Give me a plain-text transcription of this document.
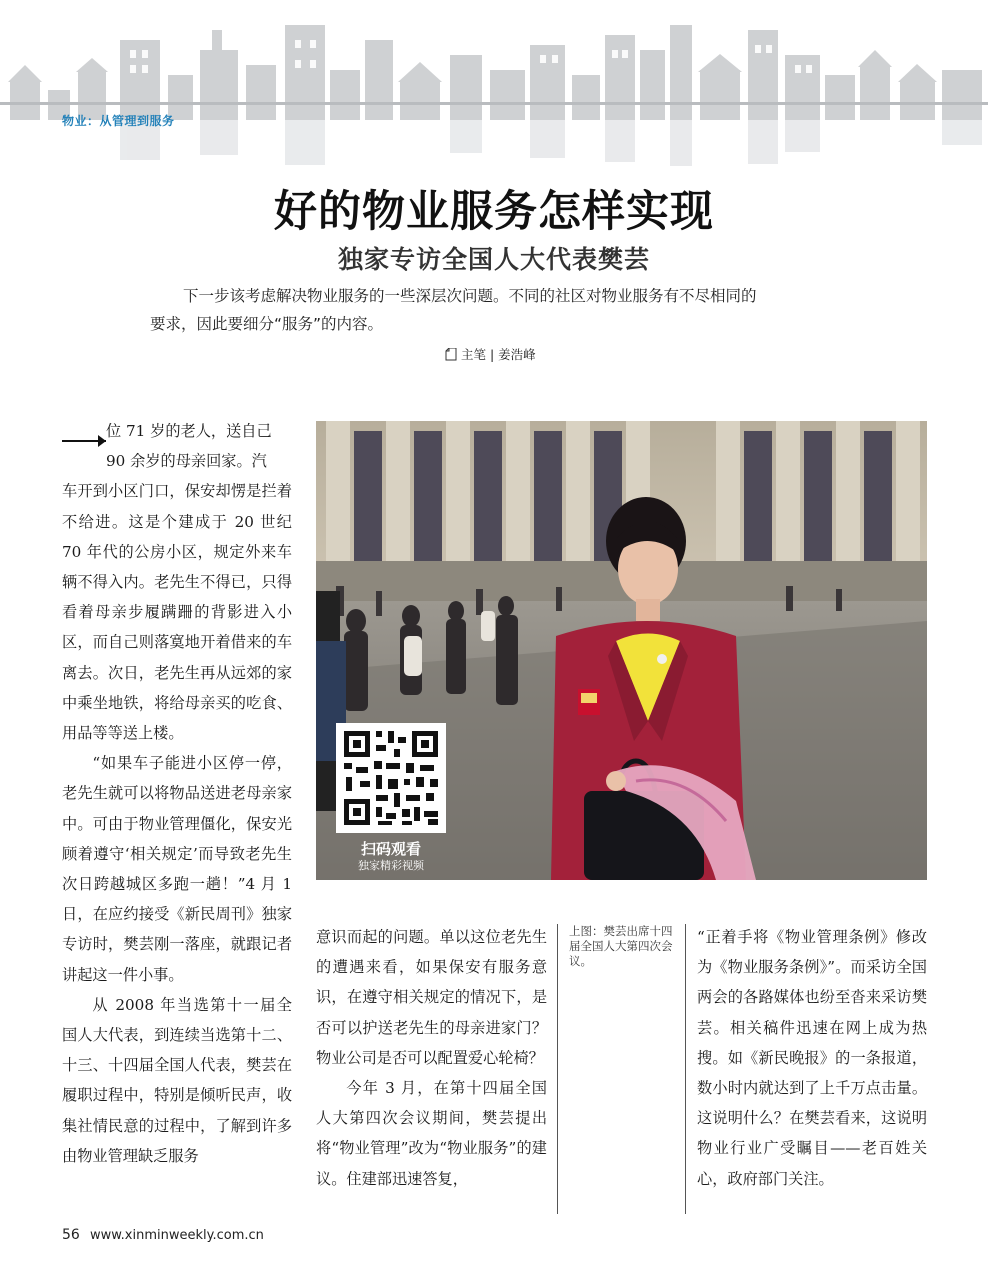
物业：从管理到服务
好的物业服务怎样实现
独家专访全国人大代表樊芸
下一步该考虑解决物业服务的一些深层次问题。不同的社区对物业服务有不尽相同的
要求，因此要细分“服务”的内容。
主笔 | 姜浩峰
扫码观看
独家精彩视频

位 71 岁的老人，送自己

90 余岁的母亲回家。汽

车开到小区门口，保安却愣是拦着不给进。这是个建成于 20 世纪 70 年代的公房小区，规定外来车辆不得入内。老先生不得已，只得看着母亲步履蹒跚的背影进入小区，而自己则落寞地开着借来的车离去。次日，老先生再从远郊的家中乘坐地铁，将给母亲买的吃食、用品等等送上楼。

“如果车子能进小区停一停，老先生就可以将物品送进老母亲家中。可由于物业管理僵化，保安光顾着遵守‘相关规定’而导致老先生次日跨越城区多跑一趟！”4 月 1 日，在应约接受《新民周刊》独家专访时，樊芸刚一落座，就跟记者讲起这一件小事。

从 2008 年当选第十一届全国人大代表，到连续当选第十二、十三、十四届全国人代表，樊芸在履职过程中，特别是倾听民声，收集社情民意的过程中，了解到许多由物业管理缺乏服务

意识而起的问题。单以这位老先生的遭遇来看，如果保安有服务意识，在遵守相关规定的情况下，是否可以护送老先生的母亲进家门？物业公司是否可以配置爱心轮椅？

今年 3 月，在第十四届全国人大第四次会议期间，樊芸提出将“物业管理”改为“物业服务”的建议。住建部迅速答复，

上图：樊芸出席十四届全国人大第四次会议。

“正着手将《物业管理条例》修改为《物业服务条例》”。而采访全国两会的各路媒体也纷至沓来采访樊芸。相关稿件迅速在网上成为热搜。如《新民晚报》的一条报道，数小时内就达到了上千万点击量。这说明什么？在樊芸看来，这说明物业行业广受瞩目——老百姓关心，政府部门关注。

56 www.xinminweekly.com.cn
